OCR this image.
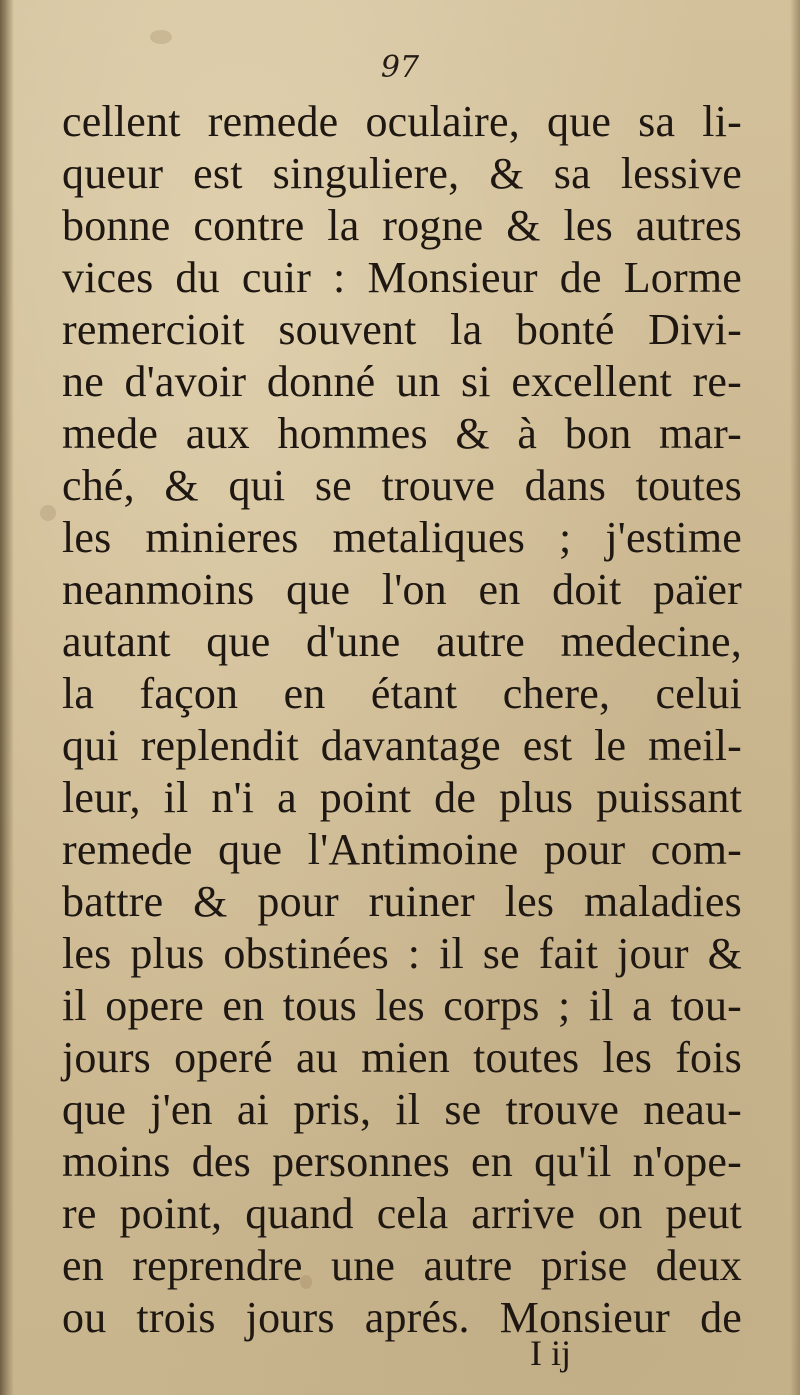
97
cellent remede oculaire, que sa li-
queur est singuliere, & sa lessive
bonne contre la rogne & les autres
vices du cuir : Monsieur de Lorme
remercioit souvent la bonté Divi-
ne d'avoir donné un si excellent re-
mede aux hommes & à bon mar-
ché, & qui se trouve dans toutes
les minieres metaliques ; j'estime
neanmoins que l'on en doit païer
autant que d'une autre medecine,
la façon en étant chere, celui
qui replendit davantage est le meil-
leur, il n'i a point de plus puissant
remede que l'Antimoine pour com-
battre & pour ruiner les maladies
les plus obstinées : il se fait jour &
il opere en tous les corps ; il a tou-
jours operé au mien toutes les fois
que j'en ai pris, il se trouve neau-
moins des personnes en qu'il n'ope-
re point, quand cela arrive on peut
en reprendre une autre prise deux
ou trois jours aprés. Monsieur de
I ij
